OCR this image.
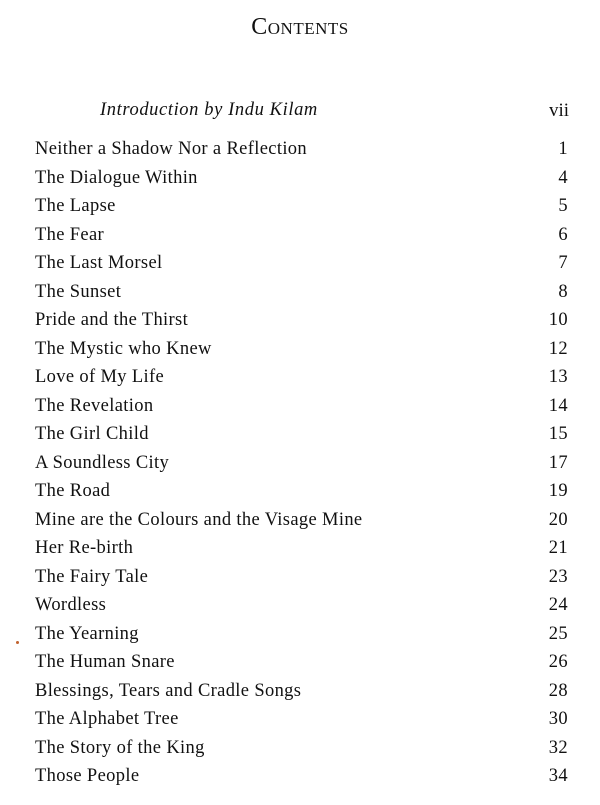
Contents
Introduction by Indu Kilam	vii
Neither a Shadow Nor a Reflection	1
The Dialogue Within	4
The Lapse	5
The Fear	6
The Last Morsel	7
The Sunset	8
Pride and the Thirst	10
The Mystic who Knew	12
Love of My Life	13
The Revelation	14
The Girl Child	15
A Soundless City	17
The Road	19
Mine are the Colours and the Visage Mine	20
Her Re-birth	21
The Fairy Tale	23
Wordless	24
The Yearning	25
The Human Snare	26
Blessings, Tears and Cradle Songs	28
The Alphabet Tree	30
The Story of the King	32
Those People	34
